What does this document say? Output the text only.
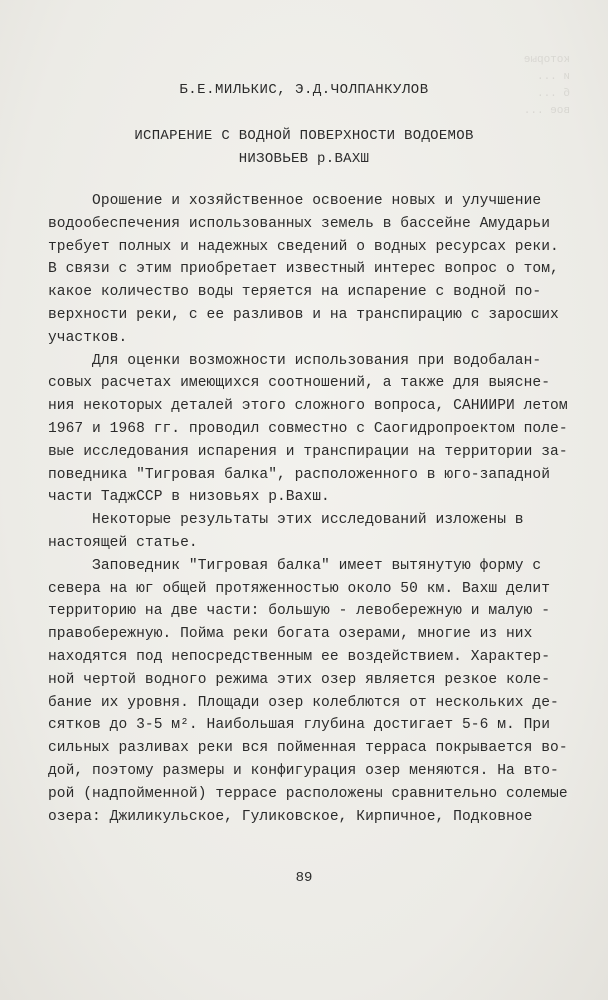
которые
и ...
б ...
вое ...
Б.Е.МИЛЬКИС, Э.Д.ЧОЛПАНКУЛОВ
ИСПАРЕНИЕ С ВОДНОЙ ПОВЕРХНОСТИ ВОДОЕМОВ
НИЗОВЬЕВ р.ВАХШ
Орошение и хозяйственное освоение новых и улучшение
водообеспечения использованных земель в бассейне Амударьи
требует полных и надежных сведений о водных ресурсах реки.
В связи с этим приобретает известный интерес вопрос о том,
какое количество воды теряется на испарение с водной по-
верхности реки, с ее разливов и на транспирацию с заросших
участков.
Для оценки возможности использования при водобалан-
совых расчетах имеющихся соотношений, а также для выясне-
ния некоторых деталей этого сложного вопроса, САНИИРИ летом
1967 и 1968 гг. проводил совместно с Саогидропроектом поле-
вые исследования испарения и транспирации на территории за-
поведника "Тигровая балка", расположенного в юго-западной
части ТаджССР в низовьях р.Вахш.
Некоторые результаты этих исследований изложены в
настоящей статье.
Заповедник "Тигровая балка" имеет вытянутую форму с
севера на юг общей протяженностью около 50 км. Вахш делит
территорию на две части: большую - левобережную и малую -
правобережную. Пойма реки богата озерами, многие из них
находятся под непосредственным ее воздействием. Характер-
ной чертой водного режима этих озер является резкое коле-
бание их уровня. Площади озер колеблются от нескольких де-
сятков до 3-5 м². Наибольшая глубина достигает 5-6 м. При
сильных разливах реки вся пойменная терраса покрывается во-
дой, поэтому размеры и конфигурация озер меняются. На вто-
рой (надпойменной) террасе расположены сравнительно солемые
озера: Джиликульское, Гуликовское, Кирпичное, Подковное
89
